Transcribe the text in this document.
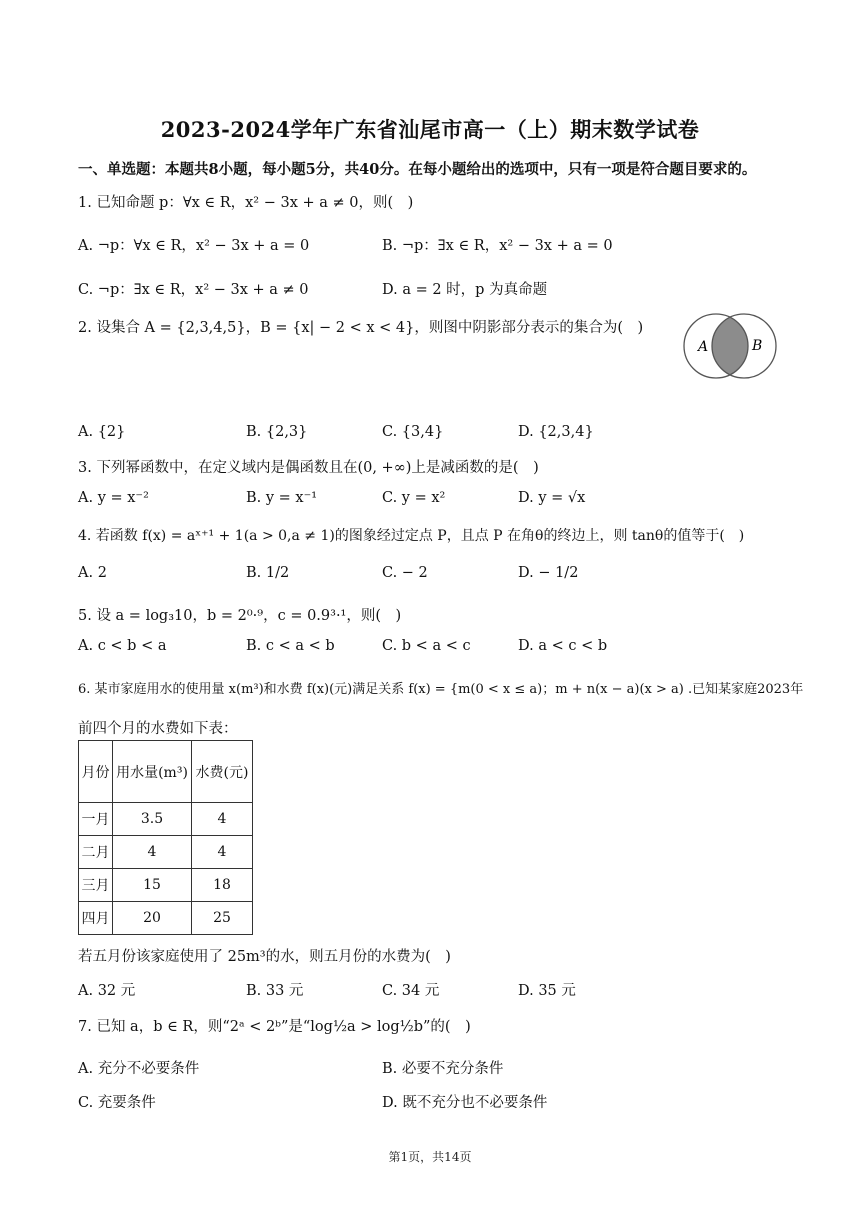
2023-2024学年广东省汕尾市高一（上）期末数学试卷
一、单选题：本题共8小题，每小题5分，共40分。在每小题给出的选项中，只有一项是符合题目要求的。
1. 已知命题 p：∀x ∈ R，x² − 3x + a ≠ 0，则(　)
A. ¬p：∀x ∈ R，x² − 3x + a = 0	B. ¬p：∃x ∈ R，x² − 3x + a = 0
C. ¬p：∃x ∈ R，x² − 3x + a ≠ 0	D. a = 2 时，p 为真命题
2. 设集合 A = {2,3,4,5}，B = {x| − 2 < x < 4}，则图中阴影部分表示的集合为(　)
A	B
A. {2}	B. {2,3}	C. {3,4}	D. {2,3,4}
3. 下列幂函数中，在定义域内是偶函数且在(0, +∞)上是减函数的是(　)
A. y = x⁻²	B. y = x⁻¹	C. y = x²	D. y = √x
4. 若函数 f(x) = aˣ⁺¹ + 1(a > 0,a ≠ 1)的图象经过定点 P，且点 P 在角θ的终边上，则 tanθ的值等于(　)
A. 2	B. 1/2	C. − 2	D. − 1/2
5. 设 a = log₃10，b = 2⁰·⁹，c = 0.9³·¹，则(　)
A. c < b < a	B. c < a < b	C. b < a < c	D. a < c < b
6. 某市家庭用水的使用量 x(m³)和水费 f(x)(元)满足关系 f(x) = {m(0 < x ≤ a)；m + n(x − a)(x > a) .已知某家庭2023年
前四个月的水费如下表：
月份	用水量(m³)	水费(元)
一月	3.5	4
二月	4	4
三月	15	18
四月	20	25
若五月份该家庭使用了 25m³的水，则五月份的水费为(　)
A. 32 元	B. 33 元	C. 34 元	D. 35 元
7. 已知 a，b ∈ R，则“2ᵃ < 2ᵇ”是“log½a > log½b”的(　)
A. 充分不必要条件	B. 必要不充分条件
C. 充要条件	D. 既不充分也不必要条件
第1页，共14页
